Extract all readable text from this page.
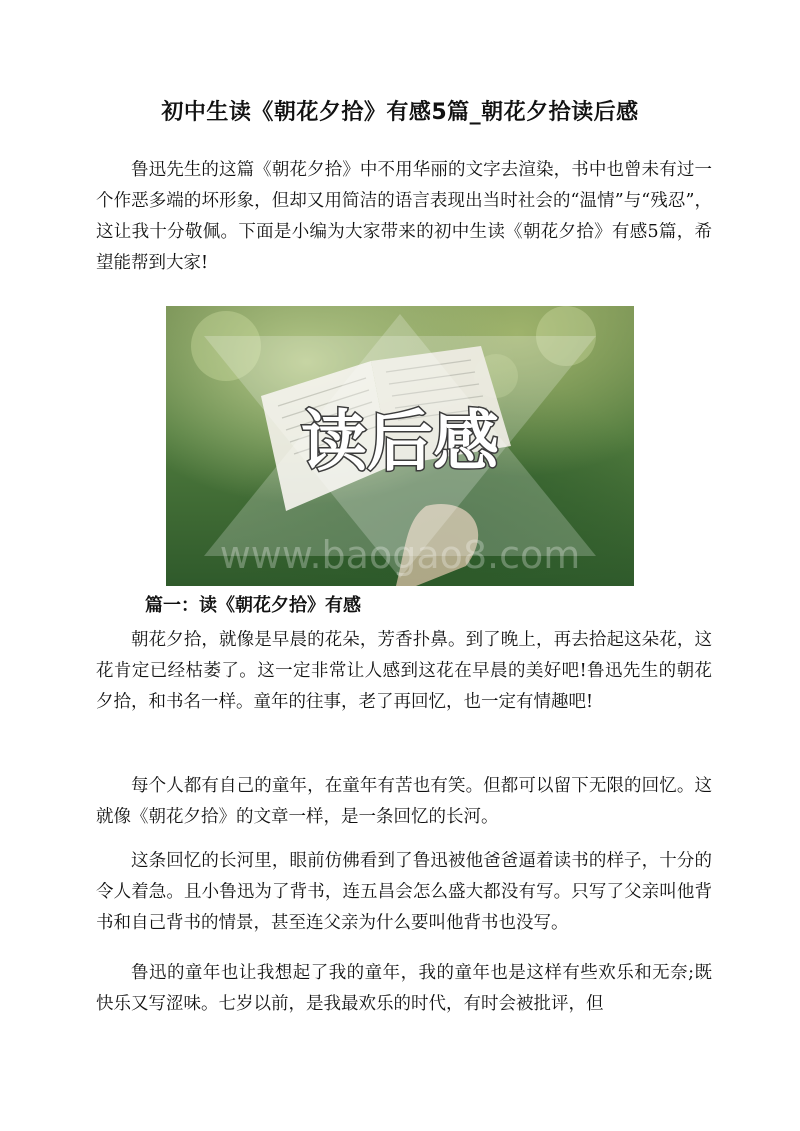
初中生读《朝花夕拾》有感5篇_朝花夕拾读后感
鲁迅先生的这篇《朝花夕拾》中不用华丽的文字去渲染，书中也曾未有过一个作恶多端的坏形象，但却又用简洁的语言表现出当时社会的“温情”与“残忍”，这让我十分敬佩。下面是小编为大家带来的初中生读《朝花夕拾》有感5篇，希望能帮到大家!
读后感
www.baogao8.com
篇一：读《朝花夕拾》有感
朝花夕拾，就像是早晨的花朵，芳香扑鼻。到了晚上，再去拾起这朵花，这花肯定已经枯萎了。这一定非常让人感到这花在早晨的美好吧!鲁迅先生的朝花夕拾，和书名一样。童年的往事，老了再回忆，也一定有情趣吧!
每个人都有自己的童年，在童年有苦也有笑。但都可以留下无限的回忆。这就像《朝花夕拾》的文章一样，是一条回忆的长河。
这条回忆的长河里，眼前仿佛看到了鲁迅被他爸爸逼着读书的样子，十分的令人着急。且小鲁迅为了背书，连五昌会怎么盛大都没有写。只写了父亲叫他背书和自己背书的情景，甚至连父亲为什么要叫他背书也没写。
鲁迅的童年也让我想起了我的童年，我的童年也是这样有些欢乐和无奈;既快乐又写涩味。七岁以前，是我最欢乐的时代，有时会被批评，但
